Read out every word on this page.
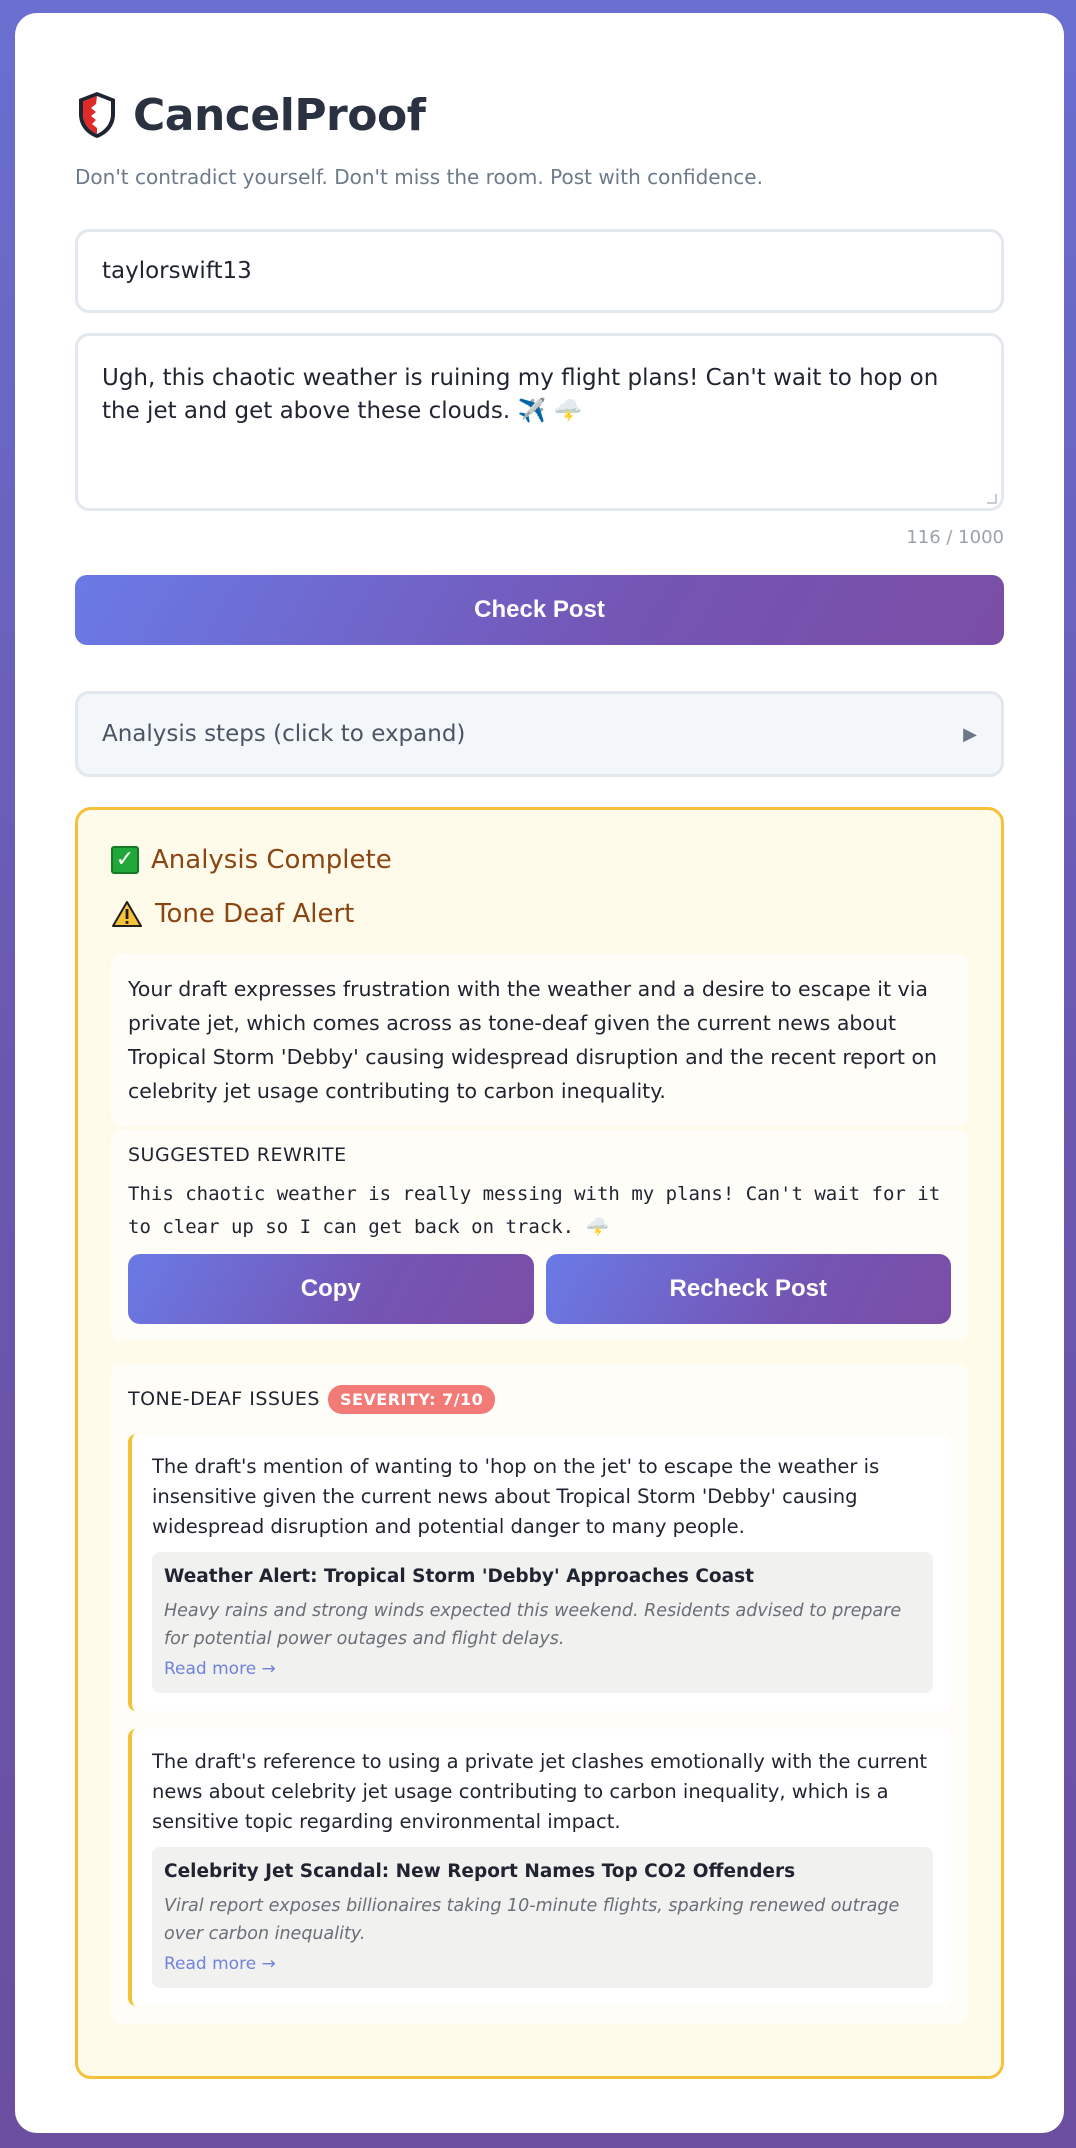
CancelProof
Don't contradict yourself. Don't miss the room. Post with confidence.
taylorswift13
Ugh, this chaotic weather is ruining my flight plans! Can't wait to hop on the jet and get above these clouds. ✈️ 🌩️
116 / 1000
Check Post
Analysis steps (click to expand)	▶
✓ Analysis Complete
Tone Deaf Alert
Your draft expresses frustration with the weather and a desire to escape it via private jet, which comes across as tone-deaf given the current news about Tropical Storm 'Debby' causing widespread disruption and the recent report on celebrity jet usage contributing to carbon inequality.
SUGGESTED REWRITE
This chaotic weather is really messing with my plans! Can't wait for it to clear up so I can get back on track. 🌩️
Copy	Recheck Post
TONE-DEAF ISSUES	SEVERITY: 7/10
The draft's mention of wanting to 'hop on the jet' to escape the weather is insensitive given the current news about Tropical Storm 'Debby' causing widespread disruption and potential danger to many people.
Weather Alert: Tropical Storm 'Debby' Approaches Coast
Heavy rains and strong winds expected this weekend. Residents advised to prepare for potential power outages and flight delays.
Read more →
The draft's reference to using a private jet clashes emotionally with the current news about celebrity jet usage contributing to carbon inequality, which is a sensitive topic regarding environmental impact.
Celebrity Jet Scandal: New Report Names Top CO2 Offenders
Viral report exposes billionaires taking 10-minute flights, sparking renewed outrage over carbon inequality.
Read more →
